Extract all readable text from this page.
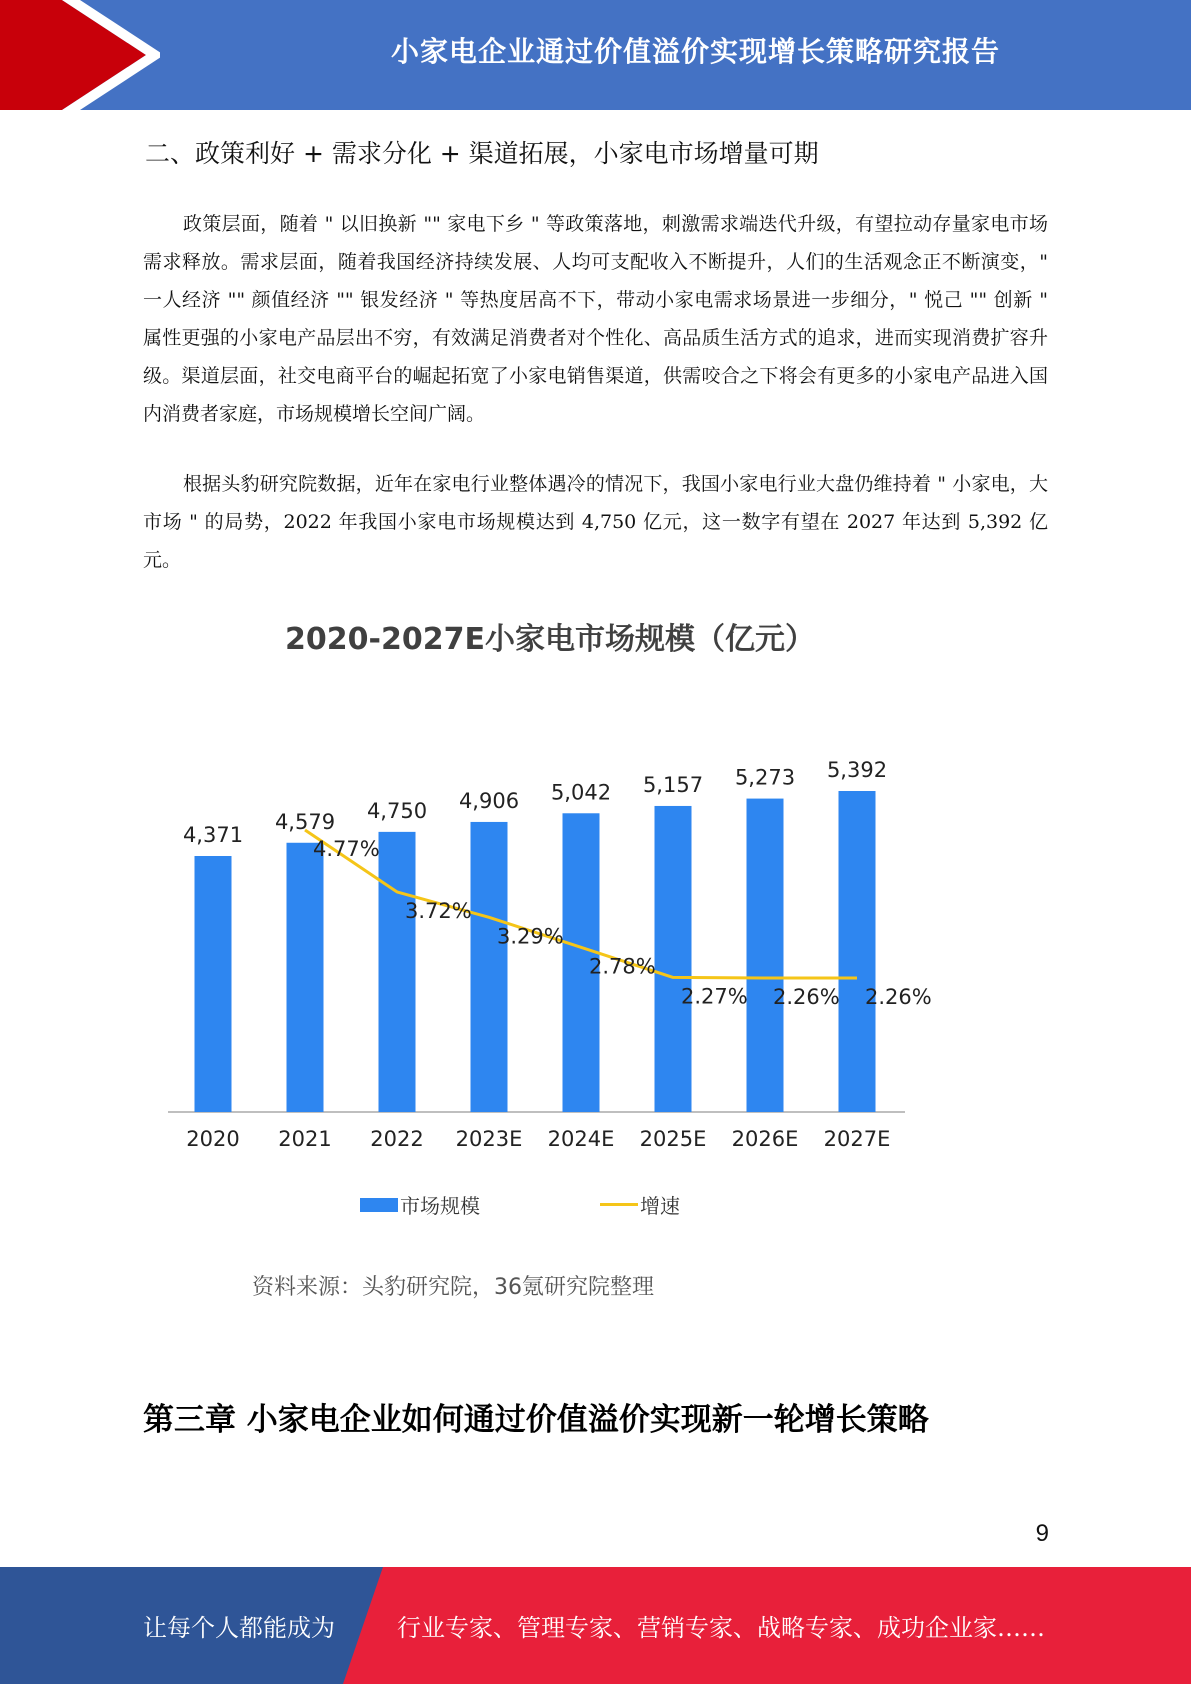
小家电企业通过价值溢价实现增长策略研究报告
二、政策利好 + 需求分化 + 渠道拓展，小家电市场增量可期

政策层面，随着 " 以旧换新 "" 家电下乡 " 等政策落地，刺激需求端迭代升级，有望拉动存量家电市场需求释放。需求层面，随着我国经济持续发展、人均可支配收入不断提升，人们的生活观念正不断演变，" 一人经济 "" 颜值经济 "" 银发经济 " 等热度居高不下，带动小家电需求场景进一步细分，" 悦己 "" 创新 " 属性更强的小家电产品层出不穷，有效满足消费者对个性化、高品质生活方式的追求，进而实现消费扩容升级。渠道层面，社交电商平台的崛起拓宽了小家电销售渠道，供需咬合之下将会有更多的小家电产品进入国内消费者家庭，市场规模增长空间广阔。

根据头豹研究院数据，近年在家电行业整体遇冷的情况下，我国小家电行业大盘仍维持着 " 小家电，大市场 " 的局势，2022 年我国小家电市场规模达到 4,750 亿元，这一数字有望在 2027 年达到 5,392 亿元。

2020-2027E小家电市场规模（亿元）
4,371
2020
4,579
2021
4,750
2022
4,906
2023E
5,042
2024E
5,157
2025E
5,273
2026E
5,392
2027E
4.77%
3.72%
3.29%
2.78%
2.27% 2.26% 2.26%
市场规模	增速
资料来源：头豹研究院，36氪研究院整理
第三章 小家电企业如何通过价值溢价实现新一轮增长策略
9
让每个人都能成为	行业专家、管理专家、营销专家、战略专家、成功企业家……
